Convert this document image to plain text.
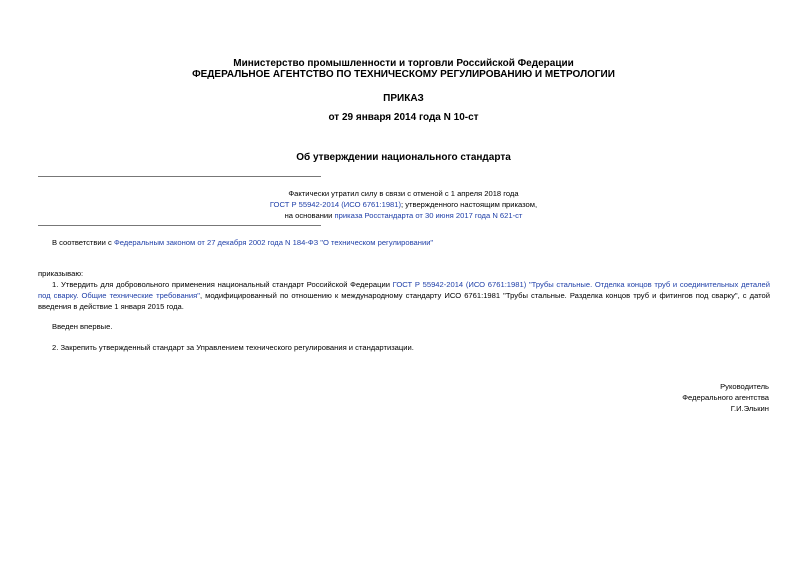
Министерство промышленности и торговли Российской Федерации
ФЕДЕРАЛЬНОЕ АГЕНТСТВО ПО ТЕХНИЧЕСКОМУ РЕГУЛИРОВАНИЮ И МЕТРОЛОГИИ
ПРИКАЗ
от 29 января 2014 года N 10-ст
Об утверждении национального стандарта
Фактически утратил силу в связи с отменой с 1 апреля 2018 года
ГОСТ Р 55942-2014 (ИСО 6761:1981); утвержденного настоящим приказом,
на основании приказа Росстандарта от 30 июня 2017 года N 621-ст
В соответствии с Федеральным законом от 27 декабря 2002 года N 184-ФЗ "О техническом регулировании"
приказываю:
1. Утвердить для добровольного применения национальный стандарт Российской Федерации ГОСТ Р 55942-2014 (ИСО 6761:1981) "Трубы стальные. Отделка концов труб и соединительных деталей под сварку. Общие технические требования", модифицированный по отношению к международному стандарту ИСО 6761:1981 "Трубы стальные. Разделка концов труб и фитингов под сварку", с датой введения в действие 1 января 2015 года.
Введен впервые.
2. Закрепить утвержденный стандарт за Управлением технического регулирования и стандартизации.
Руководитель
Федерального агентства
Г.И.Элькин
